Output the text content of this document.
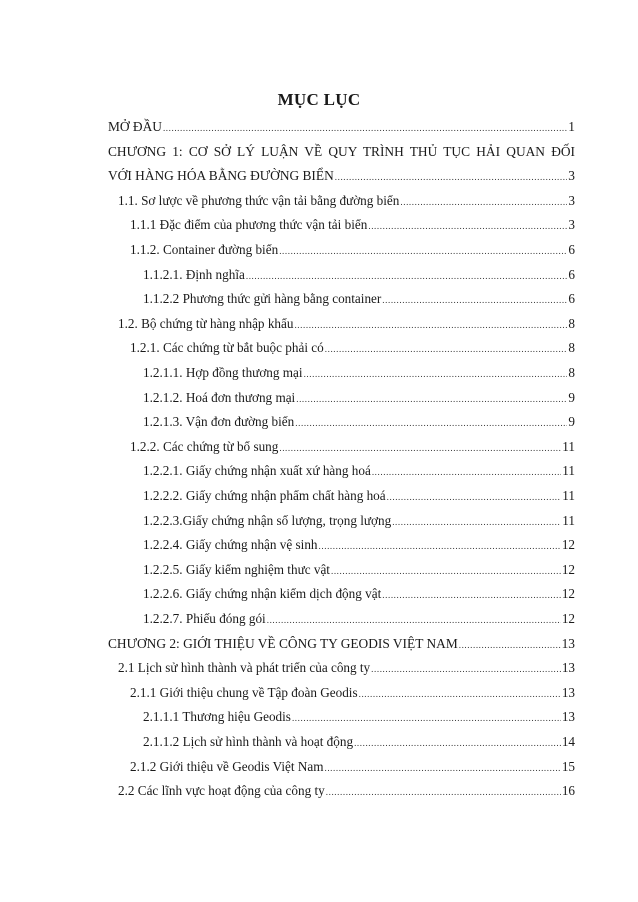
MỤC LỤC
MỞ ĐẦU .....	1
CHƯƠNG 1: CƠ SỞ LÝ LUẬN VỀ QUY TRÌNH THỦ TỤC HẢI QUAN ĐỐI
VỚI HÀNG HÓA BẰNG ĐƯỜNG BIỂN .....	3
1.1. Sơ lược về phương thức vận tải bằng đường biển .....	3
1.1.1 Đặc điểm của phương thức vận tải biển .....	3
1.1.2. Container đường biển .....	6
1.1.2.1. Định nghĩa .....	6
1.1.2.2 Phương thức gửi hàng bằng container .....	6
1.2. Bộ chứng từ hàng nhập khẩu .....	8
1.2.1. Các chứng từ bắt buộc phải có .....	8
1.2.1.1. Hợp đồng thương mại .....	8
1.2.1.2. Hoá đơn thương mại .....	9
1.2.1.3. Vận đơn đường biển .....	9
1.2.2. Các chứng từ bổ sung .....	11
1.2.2.1. Giấy chứng nhận xuất xứ hàng hoá .....	11
1.2.2.2. Giấy chứng nhận phẩm chất hàng hoá .....	11
1.2.2.3.Giấy chứng nhận số lượng, trọng lượng .....	11
1.2.2.4. Giấy chứng nhận vệ sinh .....	12
1.2.2.5. Giấy kiểm nghiệm thưc vật .....	12
1.2.2.6. Giấy chứng nhận kiểm dịch động vật .....	12
1.2.2.7. Phiếu đóng gói .....	12
CHƯƠNG 2: GIỚI THIỆU VỀ CÔNG TY GEODIS VIỆT NAM .....	13
2.1 Lịch sử hình thành và phát triển của công ty .....	13
2.1.1 Giới thiệu chung về Tập đoàn Geodis .....	13
2.1.1.1 Thương hiệu Geodis .....	13
2.1.1.2 Lịch sử hình thành và hoạt động .....	14
2.1.2 Giới thiệu về Geodis Việt Nam .....	15
2.2 Các lĩnh vực hoạt động của công ty .....	16
